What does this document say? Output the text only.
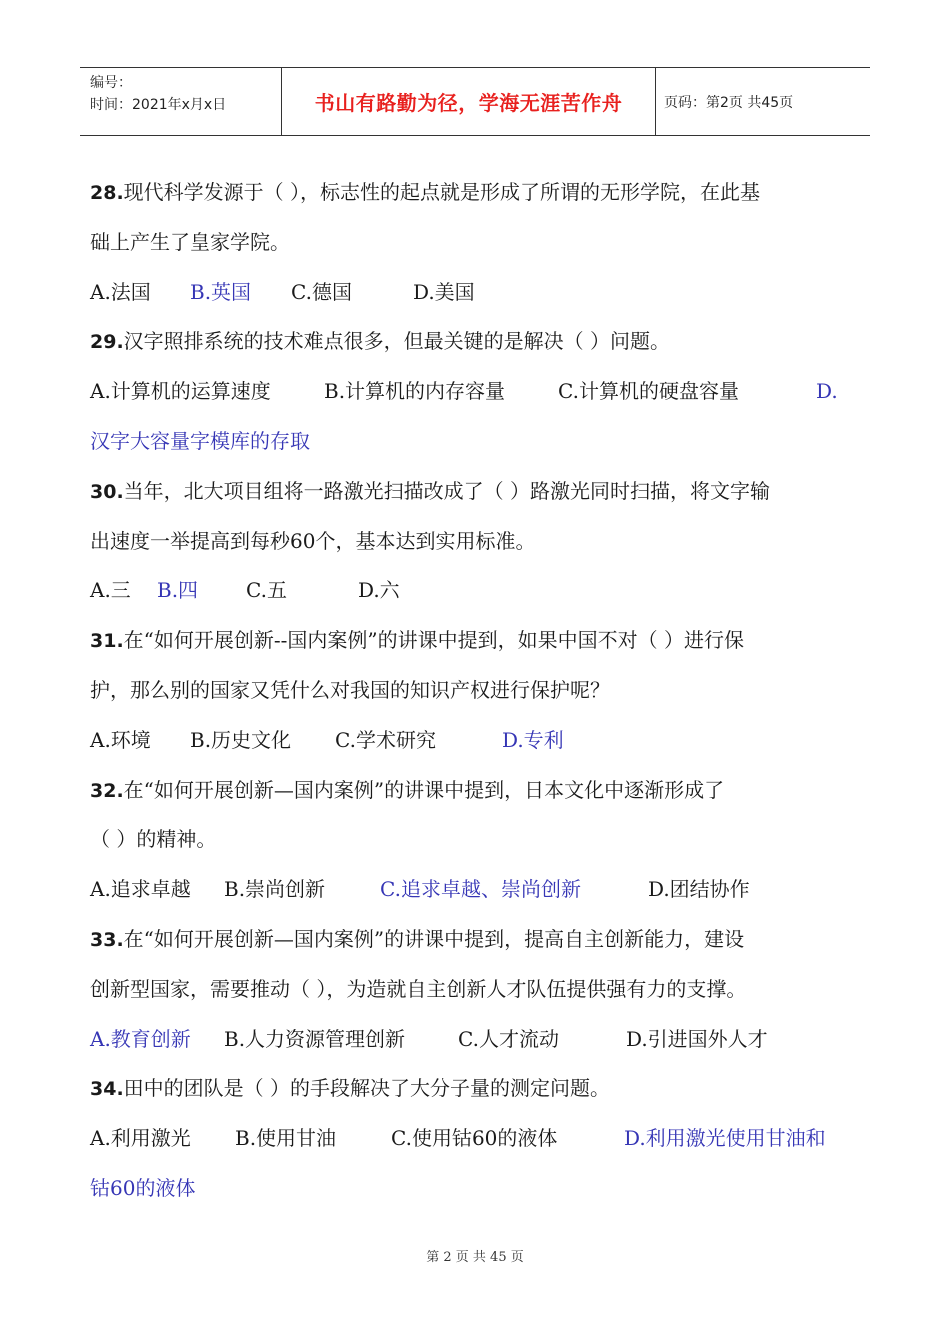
编号：
时间：2021年x月x日	书山有路勤为径，学海无涯苦作舟	页码：第2页 共45页
28.现代科学发源于（ ），标志性的起点就是形成了所谓的无形学院，在此基
础上产生了皇家学院。
A.法国 B.英国 C.德国	D.美国
29.汉字照排系统的技术难点很多，但最关键的是解决（ ）问题。
A.计算机的运算速度	B.计算机的内存容量	C.计算机的硬盘容量	D.
汉字大容量字模库的存取
30.当年，北大项目组将一路激光扫描改成了（ ）路激光同时扫描，将文字输
出速度一举提高到每秒60个，基本达到实用标准。
A.三 B.四 C.五	D.六
31.在“如何开展创新--国内案例”的讲课中提到，如果中国不对（ ）进行保
护，那么别的国家又凭什么对我国的知识产权进行保护呢？
A.环境 B.历史文化 C.学术研究	D.专利
32.在“如何开展创新—国内案例”的讲课中提到，日本文化中逐渐形成了
（ ）的精神。
A.追求卓越 B.崇尚创新	C.追求卓越、崇尚创新	D.团结协作
33.在“如何开展创新—国内案例”的讲课中提到，提高自主创新能力，建设
创新型国家，需要推动（ ），为造就自主创新人才队伍提供强有力的支撑。
A.教育创新 B.人力资源管理创新	C.人才流动	D.引进国外人才
34.田中的团队是（ ）的手段解决了大分子量的测定问题。
A.利用激光 B.使用甘油	C.使用钴60的液体	D.利用激光使用甘油和
钴60的液体
第 2 页 共 45 页
